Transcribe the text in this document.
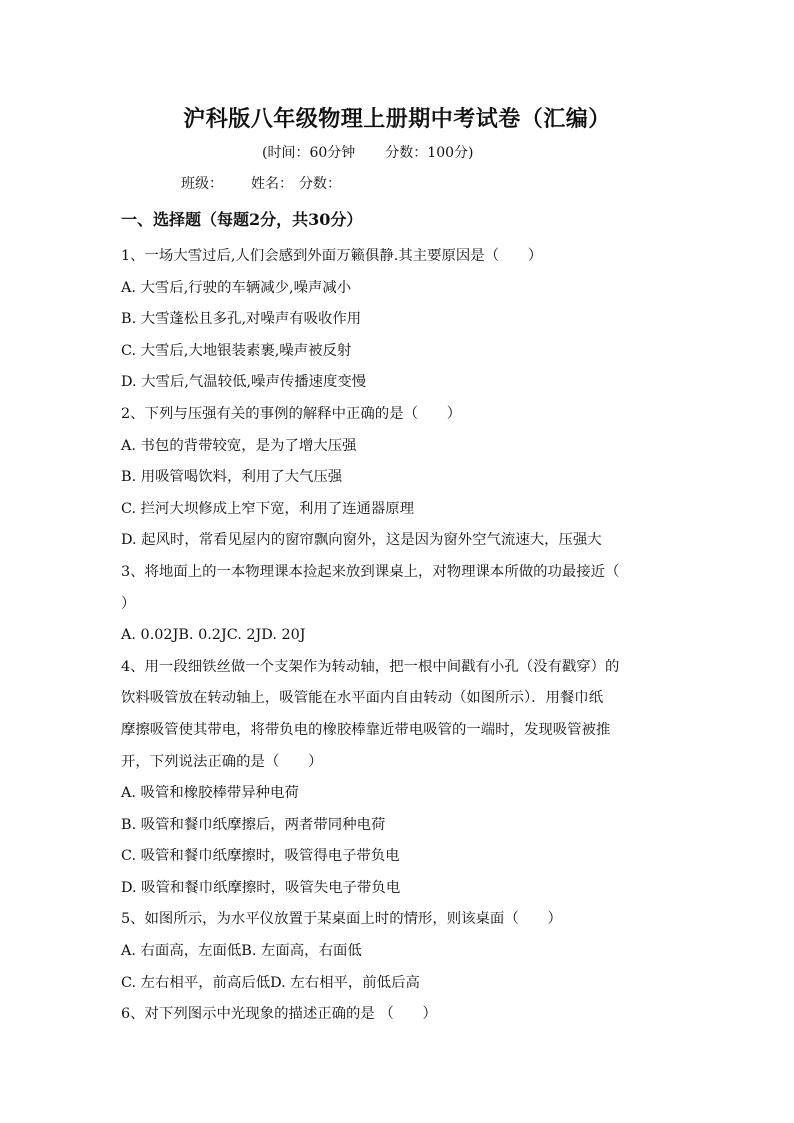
沪科版八年级物理上册期中考试卷（汇编）
(时间：60分钟 分数：100分)
班级： 姓名： 分数：
一、选择题（每题2分，共30分）
1、一场大雪过后,人们会感到外面万籁俱静.其主要原因是（　　）
A. 大雪后,行驶的车辆减少,噪声减小
B. 大雪蓬松且多孔,对噪声有吸收作用
C. 大雪后,大地银装素裹,噪声被反射
D. 大雪后,气温较低,噪声传播速度变慢
2、下列与压强有关的事例的解释中正确的是（　　）
A. 书包的背带较宽，是为了增大压强
B. 用吸管喝饮料，利用了大气压强
C. 拦河大坝修成上窄下宽，利用了连通器原理
D. 起风时，常看见屋内的窗帘飘向窗外，这是因为窗外空气流速大，压强大
3、将地面上的一本物理课本捡起来放到课桌上，对物理课本所做的功最接近（
）
A. 0.02JB. 0.2JC. 2JD. 20J
4、用一段细铁丝做一个支架作为转动轴，把一根中间戳有小孔（没有戳穿）的
饮料吸管放在转动轴上，吸管能在水平面内自由转动（如图所示）．用餐巾纸
摩擦吸管使其带电，将带负电的橡胶棒靠近带电吸管的一端时，发现吸管被推
开，下列说法正确的是（　　）
A. 吸管和橡胶棒带异种电荷
B. 吸管和餐巾纸摩擦后，两者带同种电荷
C. 吸管和餐巾纸摩擦时，吸管得电子带负电
D. 吸管和餐巾纸摩擦时，吸管失电子带负电
5、如图所示，为水平仪放置于某桌面上时的情形，则该桌面（　　）
A. 右面高，左面低B. 左面高，右面低
C. 左右相平，前高后低D. 左右相平，前低后高
6、对下列图示中光现象的描述正确的是 （　　）
